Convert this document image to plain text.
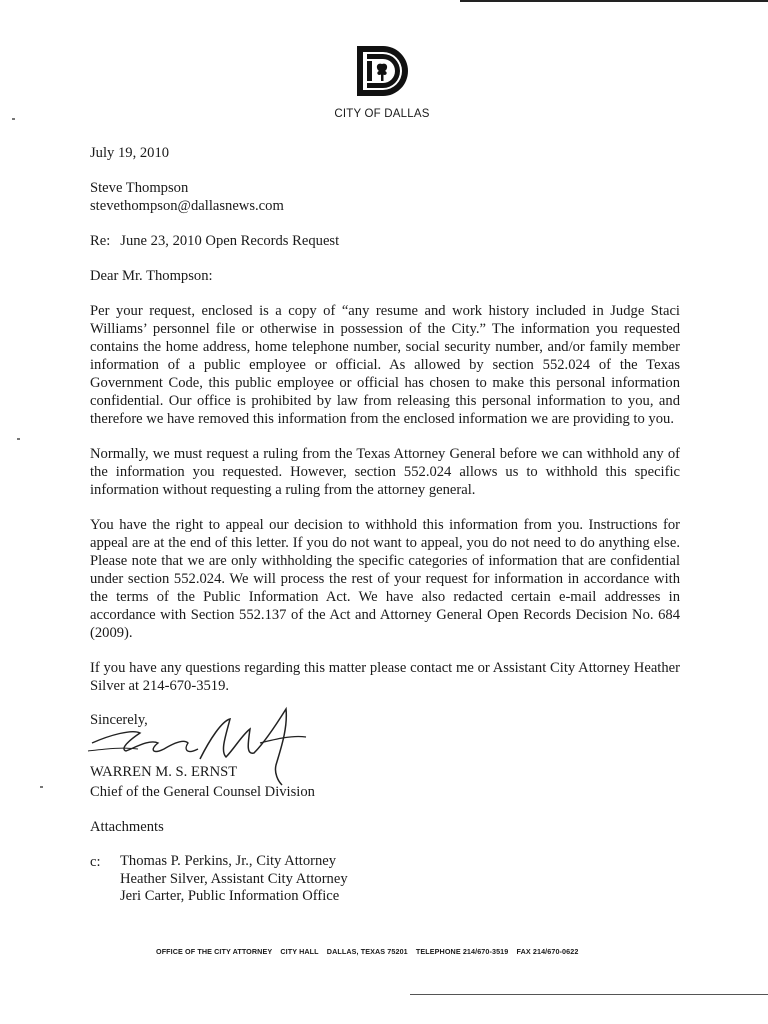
CITY OF DALLAS

July 19, 2010

Steve Thompson

stevethompson@dallasnews.com

Re: June 23, 2010 Open Records Request

Dear Mr. Thompson:

Per your request, enclosed is a copy of “any resume and work history included in Judge Staci Williams’ personnel file or otherwise in possession of the City.” The information you requested contains the home address, home telephone number, social security number, and/or family member information of a public employee or official. As allowed by section 552.024 of the Texas Government Code, this public employee or official has chosen to make this personal information confidential. Our office is prohibited by law from releasing this personal information to you, and therefore we have removed this information from the enclosed information we are providing to you.

Normally, we must request a ruling from the Texas Attorney General before we can withhold any of the information you requested. However, section 552.024 allows us to withhold this specific information without requesting a ruling from the attorney general.

You have the right to appeal our decision to withhold this information from you. Instructions for appeal are at the end of this letter. If you do not want to appeal, you do not need to do anything else. Please note that we are only withholding the specific categories of information that are confidential under section 552.024. We will process the rest of your request for information in accordance with the terms of the Public Information Act. We have also redacted certain e-mail addresses in accordance with Section 552.137 of the Act and Attorney General Open Records Decision No. 684 (2009).

If you have any questions regarding this matter please contact me or Assistant City Attorney Heather Silver at 214-670-3519.

Sincerely,

WARREN M. S. ERNST

Chief of the General Counsel Division

Attachments

c:	Thomas P. Perkins, Jr., City Attorney
Heather Silver, Assistant City Attorney
Jeri Carter, Public Information Office
OFFICE OF THE CITY ATTORNEY CITY HALL DALLAS, TEXAS 75201 TELEPHONE 214/670-3519 FAX 214/670-0622
